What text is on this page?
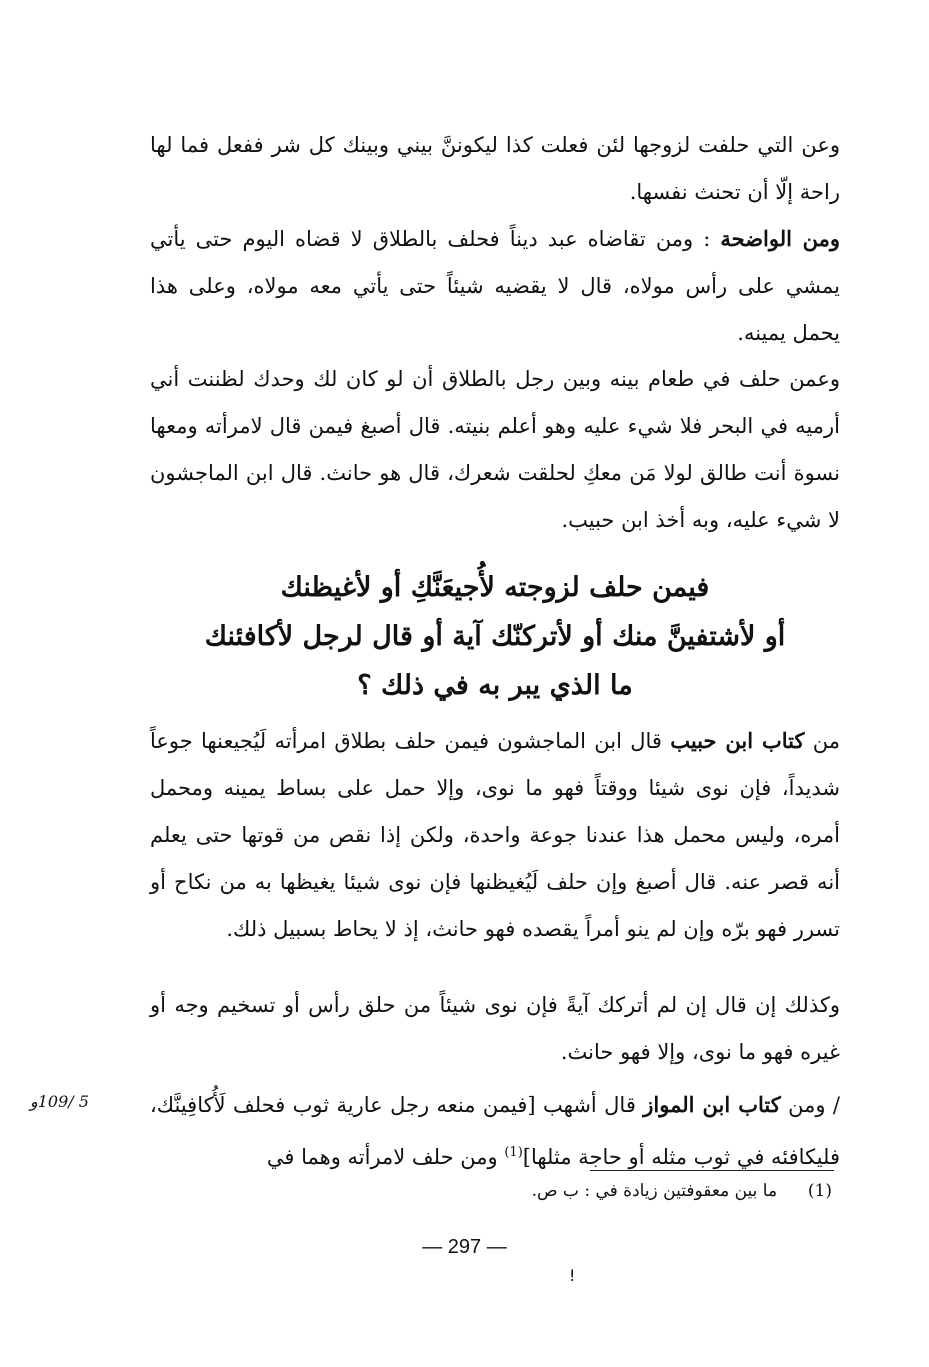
وعن التي حلفت لزوجها لئن فعلت كذا ليكوننَّ بيني وبينك كل شر ففعل فما لها راحة إلّا أن تحنث نفسها.

ومن الواضحة : ومن تقاضاه عبد ديناً فحلف بالطلاق لا قضاه اليوم حتى يأتي يمشي على رأس مولاه، قال لا يقضيه شيئاً حتى يأتي معه مولاه، وعلى هذا يحمل يمينه.

وعمن حلف في طعام بينه وبين رجل بالطلاق أن لو كان لك وحدك لظننت أني أرميه في البحر فلا شيء عليه وهو أعلم بنيته. قال أصبغ فيمن قال لامرأته ومعها نسوة أنت طالق لولا مَن معكِ لحلقت شعرك، قال هو حانث. قال ابن الماجشون لا شيء عليه، وبه أخذ ابن حبيب.

فيمن حلف لزوجته لأُجيعَنَّكِ أو لأغيظنك
أو لأشتفينَّ منك أو لأتركنّك آية أو قال لرجل لأكافئنك
ما الذي يبر به في ذلك ؟

من كتاب ابن حبيب قال ابن الماجشون فيمن حلف بطلاق امرأته لَيُجيعنها جوعاً شديداً، فإن نوى شيئا ووقتاً فهو ما نوى، وإلا حمل على بساط يمينه ومحمل أمره، وليس محمل هذا عندنا جوعة واحدة، ولكن إذا نقص من قوتها حتى يعلم أنه قصر عنه. قال أصبغ وإن حلف لَيُغيظنها فإن نوى شيئا يغيظها به من نكاح أو تسرر فهو برّه وإن لم ينو أمراً يقصده فهو حانث، إذ لا يحاط بسبيل ذلك.

وكذلك إن قال إن لم أتركك آيةً فإن نوى شيئاً من حلق رأس أو تسخيم وجه أو غيره فهو ما نوى، وإلا فهو حانث.

/ ومن كتاب ابن المواز قال أشهب [فيمن منعه رجل عارية ثوب فحلف لَأُكافِينَّك، فليكافئه في ثوب مثله أو حاجة مثلها]$^{(1)}$ ومن حلف لامرأته وهما في

5 /109و
(1)  ما بين معقوفتين زيادة في : ب ص.
— 297 —
!
